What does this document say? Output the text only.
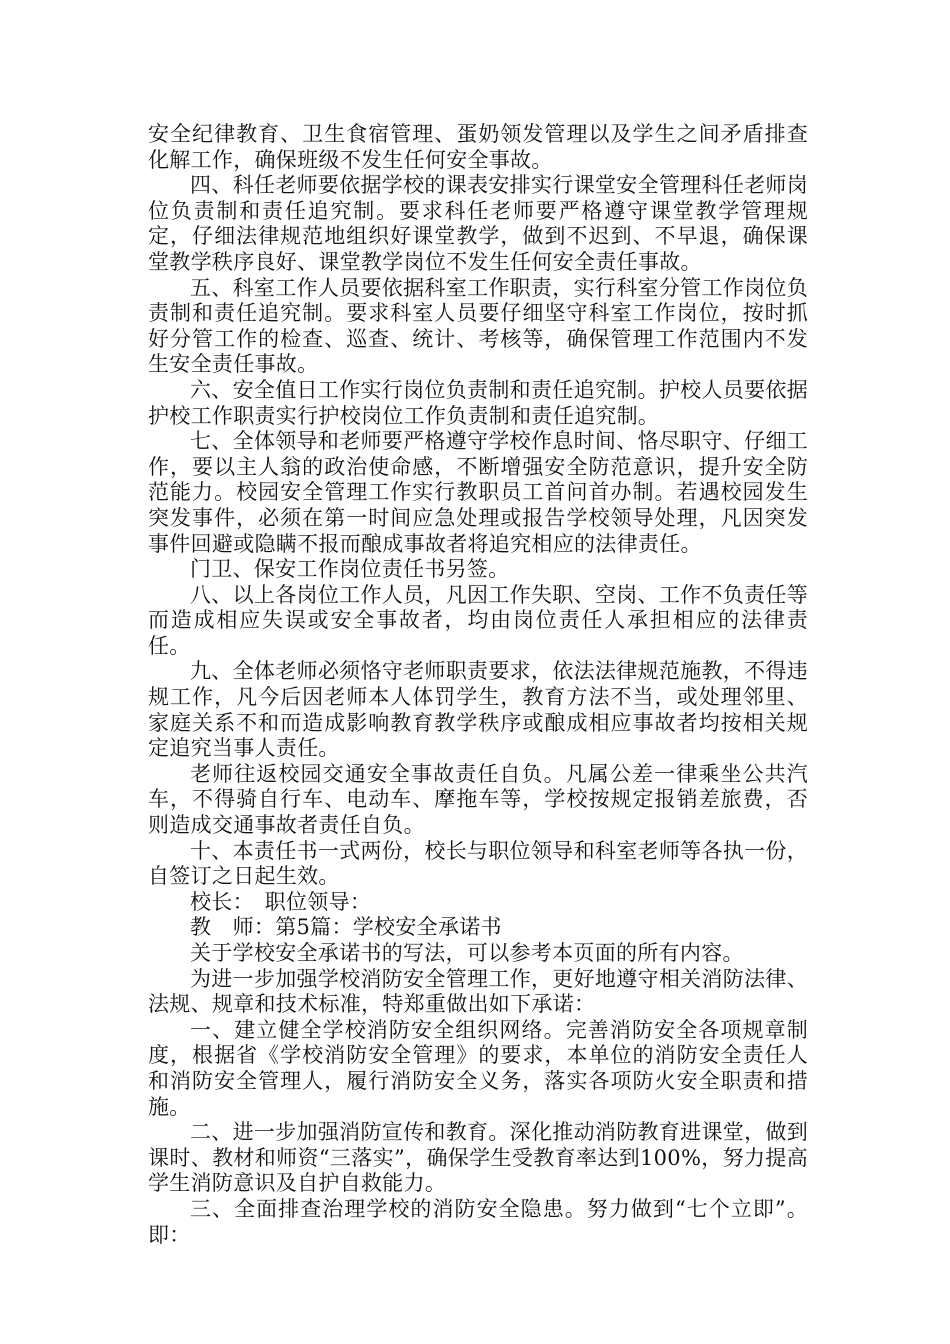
安全纪律教育、卫生食宿管理、蛋奶领发管理以及学生之间矛盾排查化解工作，确保班级不发生任何安全事故。

四、科任老师要依据学校的课表安排实行课堂安全管理科任老师岗位负责制和责任追究制。要求科任老师要严格遵守课堂教学管理规定，仔细法律规范地组织好课堂教学，做到不迟到、不早退，确保课堂教学秩序良好、课堂教学岗位不发生任何安全责任事故。

五、科室工作人员要依据科室工作职责，实行科室分管工作岗位负责制和责任追究制。要求科室人员要仔细坚守科室工作岗位，按时抓好分管工作的检查、巡查、统计、考核等，确保管理工作范围内不发生安全责任事故。

六、安全值日工作实行岗位负责制和责任追究制。护校人员要依据护校工作职责实行护校岗位工作负责制和责任追究制。

七、全体领导和老师要严格遵守学校作息时间、恪尽职守、仔细工作，要以主人翁的政治使命感，不断增强安全防范意识，提升安全防范能力。校园安全管理工作实行教职员工首问首办制。若遇校园发生突发事件，必须在第一时间应急处理或报告学校领导处理，凡因突发事件回避或隐瞒不报而酿成事故者将追究相应的法律责任。

门卫、保安工作岗位责任书另签。

八、以上各岗位工作人员，凡因工作失职、空岗、工作不负责任等而造成相应失误或安全事故者，均由岗位责任人承担相应的法律责任。

九、全体老师必须恪守老师职责要求，依法法律规范施教，不得违规工作，凡今后因老师本人体罚学生，教育方法不当，或处理邻里、家庭关系不和而造成影响教育教学秩序或酿成相应事故者均按相关规定追究当事人责任。

老师往返校园交通安全事故责任自负。凡属公差一律乘坐公共汽车，不得骑自行车、电动车、摩拖车等，学校按规定报销差旅费，否则造成交通事故者责任自负。

十、本责任书一式两份，校长与职位领导和科室老师等各执一份，自签订之日起生效。

校长：　职位领导：

教　师：第5篇：学校安全承诺书

关于学校安全承诺书的写法，可以参考本页面的所有内容。

为进一步加强学校消防安全管理工作，更好地遵守相关消防法律、法规、规章和技术标准，特郑重做出如下承诺：

一、建立健全学校消防安全组织网络。完善消防安全各项规章制度，根据省《学校消防安全管理》的要求，本单位的消防安全责任人和消防安全管理人，履行消防安全义务，落实各项防火安全职责和措施。

二、进一步加强消防宣传和教育。深化推动消防教育进课堂，做到课时、教材和师资“三落实”，确保学生受教育率达到100%，努力提高学生消防意识及自护自救能力。

三、全面排查治理学校的消防安全隐患。努力做到“七个立即”。即：
